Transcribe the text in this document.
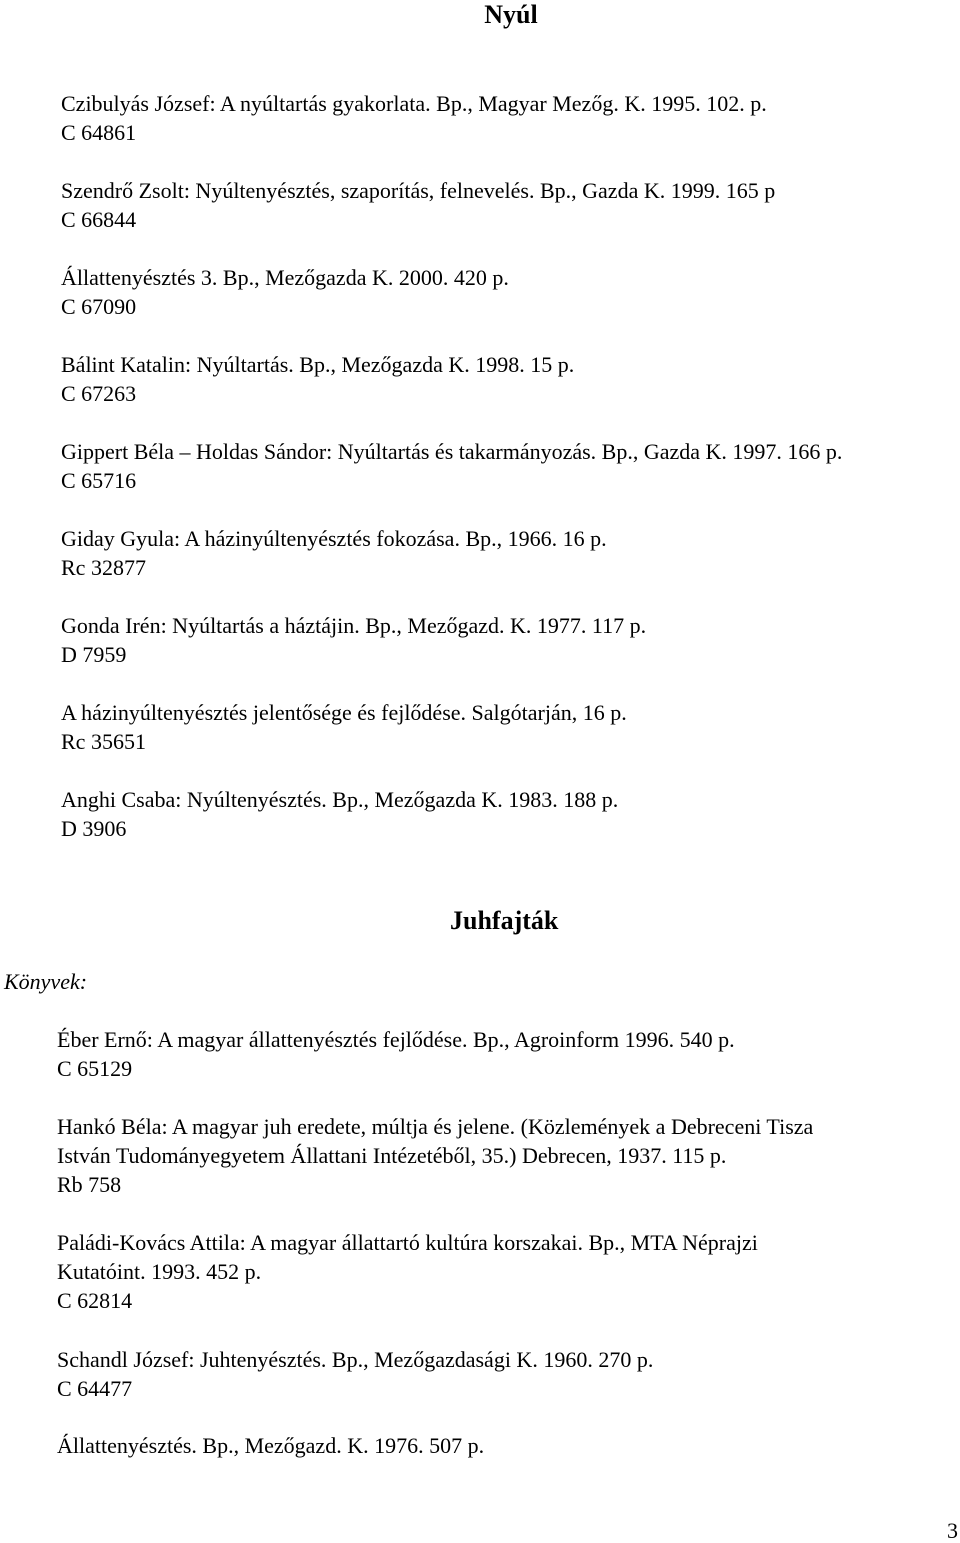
Nyúl
Czibulyás József: A nyúltartás gyakorlata. Bp., Magyar Mezőg. K. 1995. 102. p.
C 64861
Szendrő Zsolt: Nyúltenyésztés, szaporítás, felnevelés. Bp., Gazda K. 1999. 165 p
C 66844
Állattenyésztés 3. Bp., Mezőgazda K. 2000. 420 p.
C 67090
Bálint Katalin: Nyúltartás. Bp., Mezőgazda K. 1998. 15 p.
C 67263
Gippert Béla – Holdas Sándor: Nyúltartás és takarmányozás. Bp., Gazda K. 1997. 166 p.
C 65716
Giday Gyula: A házinyúltenyésztés fokozása. Bp., 1966. 16 p.
Rc 32877
Gonda Irén: Nyúltartás a háztájin. Bp., Mezőgazd. K. 1977. 117 p.
D 7959
A házinyúltenyésztés jelentősége és fejlődése. Salgótarján, 16 p.
Rc 35651
Anghi Csaba: Nyúltenyésztés. Bp., Mezőgazda K. 1983. 188 p.
D 3906
Juhfajták
Könyvek:
Éber Ernő: A magyar állattenyésztés fejlődése. Bp., Agroinform 1996. 540 p.
C 65129
Hankó Béla: A magyar juh eredete, múltja és jelene. (Közlemények a Debreceni Tisza
István Tudományegyetem Állattani Intézetéből, 35.) Debrecen, 1937. 115 p.
Rb 758
Paládi-Kovács Attila: A magyar állattartó kultúra korszakai. Bp., MTA Néprajzi
Kutatóint. 1993. 452 p.
C 62814
Schandl József: Juhtenyésztés. Bp., Mezőgazdasági K. 1960. 270 p.
C 64477
Állattenyésztés. Bp., Mezőgazd. K. 1976. 507 p.
3
